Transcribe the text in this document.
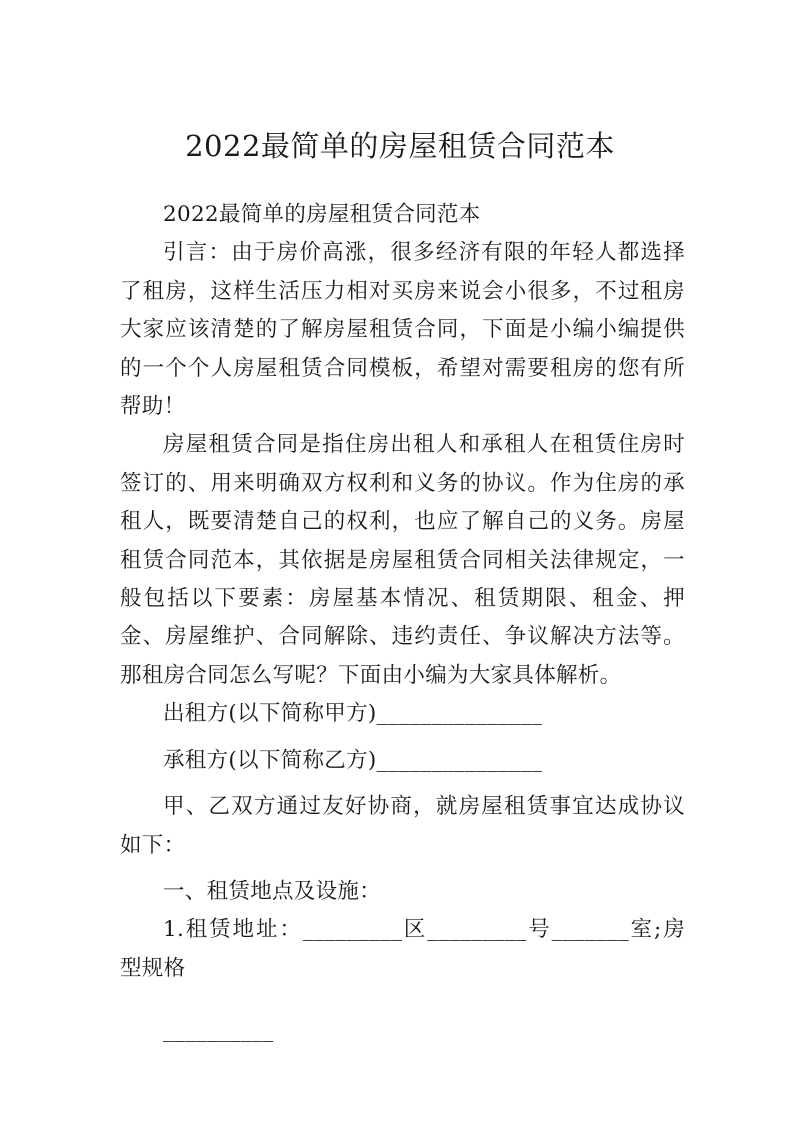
2022最简单的房屋租赁合同范本

2022最简单的房屋租赁合同范本

引言：由于房价高涨，很多经济有限的年轻人都选择了租房，这样生活压力相对买房来说会小很多，不过租房大家应该清楚的了解房屋租赁合同，下面是小编小编提供的一个个人房屋租赁合同模板，希望对需要租房的您有所帮助！

房屋租赁合同是指住房出租人和承租人在租赁住房时签订的、用来明确双方权利和义务的协议。作为住房的承租人，既要清楚自己的权利，也应了解自己的义务。房屋租赁合同范本，其依据是房屋租赁合同相关法律规定，一般包括以下要素：房屋基本情况、租赁期限、租金、押金、房屋维护、合同解除、违约责任、争议解决方法等。那租房合同怎么写呢？下面由小编为大家具体解析。

出租方(以下简称甲方)_______________

承租方(以下简称乙方)_______________

甲、乙双方通过友好协商，就房屋租赁事宜达成协议如下：

一、租赁地点及设施：

1.租赁地址：_________区_________号_______室;房型规格

__________
